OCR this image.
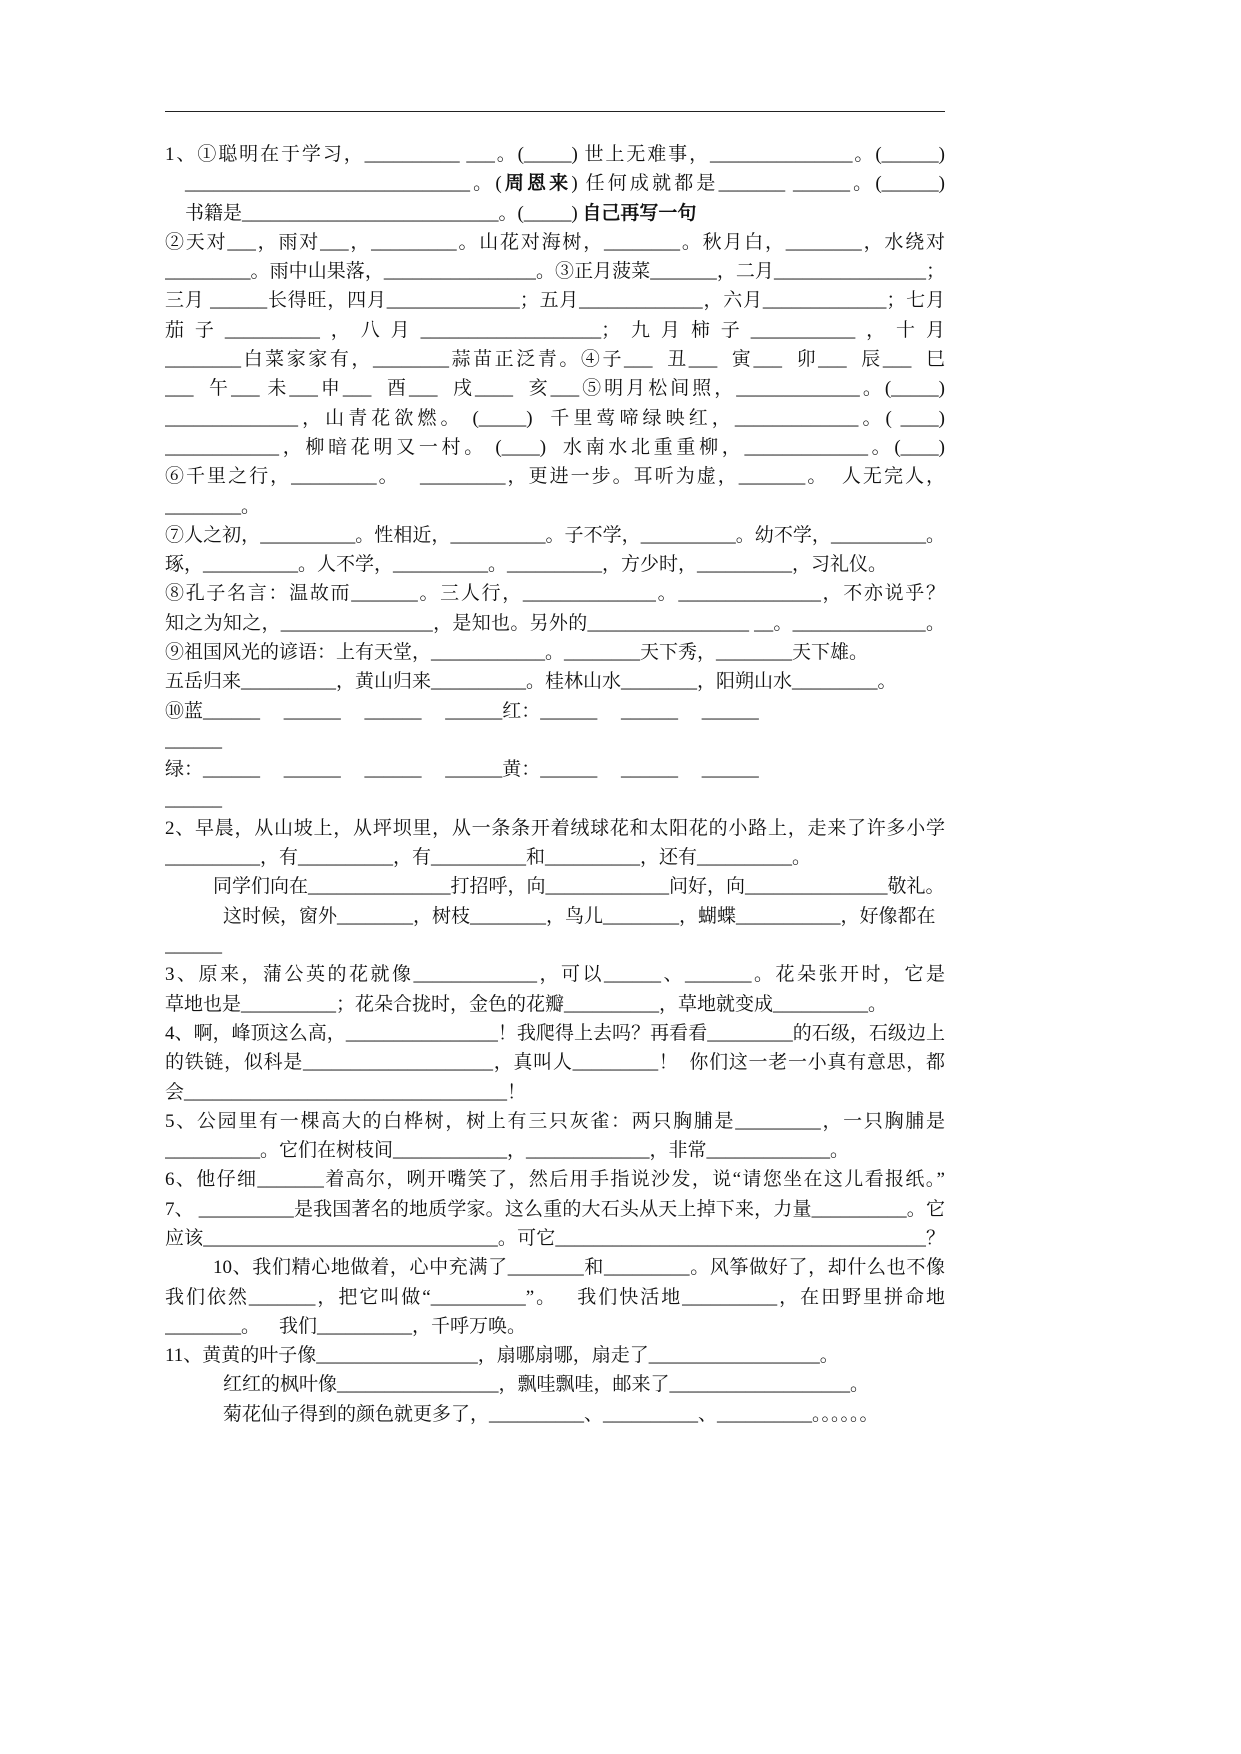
1、①聪明在于学习，__________ ___。(_____) 世上无难事，_______________。(______)
______________________________。(周恩来) 任何成就都是_______ ______。(______)
书籍是___________________________。(_____) 自己再写一句
②天对___，雨对___，_________。山花对海树，________。秋月白，________，水绕对
_________。雨中山果落，________________。③正月菠菜_______，二月________________；
三月 ______长得旺，四月______________；五月_____________，六月_____________；七月
茄子__________，八月___________________；九月柿子___________，十月
________白菜家家有，________蒜苗正泛青。④子___  丑___  寅___  卯___  辰___  巳
___  午___ 未___申___  酉___  戌____  亥___⑤明月松间照，_____________。(_____)
______________，山青花欲燃。 (_____)  千里莺啼绿映红，_____________。( ____)
____________，柳暗花明又一村。 (____)  水南水北重重柳，_____________。(____)
⑥千里之行，_________。   _________，更进一步。耳听为虚，_______。  人无完人，
________。
⑦人之初，__________。性相近，__________。子不学，__________。幼不学，__________。
琢，__________。人不学，__________。__________，方少时，__________，习礼仪。
⑧孔子名言：温故而_______。三人行，______________。_______________，不亦说乎？
知之为知之，________________，是知也。另外的_________________ __。______________。
⑨祖国风光的谚语：上有天堂，____________。________天下秀，________天下雄。
五岳归来__________，黄山归来__________。桂林山水________，阳朔山水_________。
⑩蓝______     ______     ______     ______红：______     ______     ______
______
绿：______     ______     ______     ______黄：______     ______     ______
______
2、早晨，从山坡上，从坪坝里，从一条条开着绒球花和太阳花的小路上，走来了许多小学
__________，有__________，有__________和__________，还有__________。
同学们向在_______________打招呼，向_____________问好，向_______________敬礼。
这时候，窗外________，树枝________，鸟儿________，蝴蝶___________，好像都在
______
3、原来，蒲公英的花就像_____________，可以______、_______。花朵张开时，它是
草地也是__________；花朵合拢时，金色的花瓣__________，草地就变成__________。
4、啊，峰顶这么高，________________！我爬得上去吗？再看看_________的石级，石级边上
的铁链，似科是____________________，真叫人_________！  你们这一老一小真有意思，都
会__________________________________！
5、公园里有一棵高大的白桦树，树上有三只灰雀：两只胸脯是_________，一只胸脯是
__________。它们在树枝间____________，_____________，非常_____________。
6、他仔细_______着高尔，咧开嘴笑了，然后用手指说沙发，说“请您坐在这儿看报纸。”
7、 __________是我国著名的地质学家。这么重的大石头从天上掉下来，力量__________。它
应该_______________________________。可它_______________________________________？
10、我们精心地做着，心中充满了________和_________。风筝做好了，却什么也不像
我们依然_______，把它叫做“__________”。   我们快活地__________，在田野里拼命地
________。    我们__________，千呼万唤。
11、黄黄的叶子像_________________，扇哪扇哪，扇走了__________________。
红红的枫叶像_________________，飘哇飘哇，邮来了___________________。
菊花仙子得到的颜色就更多了，__________、__________、__________。。。。。。
